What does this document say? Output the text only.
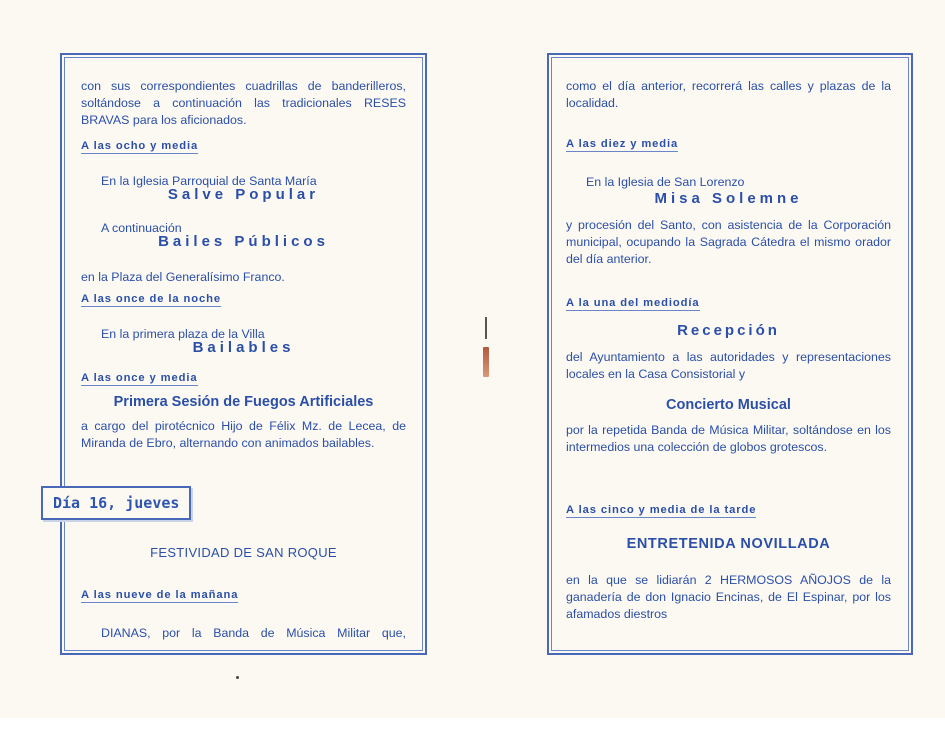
con sus correspondientes cuadrillas de banderilleros, soltándose a continuación las tradicionales RESES BRAVAS para los aficionados.

A las ocho y media

En la Iglesia Parroquial de Santa María

Salve Popular

A continuación

Bailes Públicos

en la Plaza del Generalísimo Franco.

A las once de la noche

En la primera plaza de la Villa

Bailables

A las once y media

Primera Sesión de Fuegos Artificiales

a cargo del pirotécnico Hijo de Félix Mz. de Lecea, de Miranda de Ebro, alternando con animados bailables.

Día 16, jueves

FESTIVIDAD DE SAN ROQUE

A las nueve de la mañana

DIANAS, por la Banda de Música Militar que,

como el día anterior, recorrerá las calles y plazas de la localidad.

A las diez y media

En la Iglesia de San Lorenzo

Misa Solemne

y procesión del Santo, con asistencia de la Corporación municipal, ocupando la Sagrada Cátedra el mismo orador del día anterior.

A la una del mediodía

Recepción

del Ayuntamiento a las autoridades y representaciones locales en la Casa Consistorial y

Concierto Musical

por la repetida Banda de Música Militar, soltándose en los intermedios una colección de globos grotescos.

A las cinco y media de la tarde

ENTRETENIDA NOVILLADA

en la que se lidiarán 2 HERMOSOS AÑOJOS de la ganadería de don Ignacio Encinas, de El Espinar, por los afamados diestros
